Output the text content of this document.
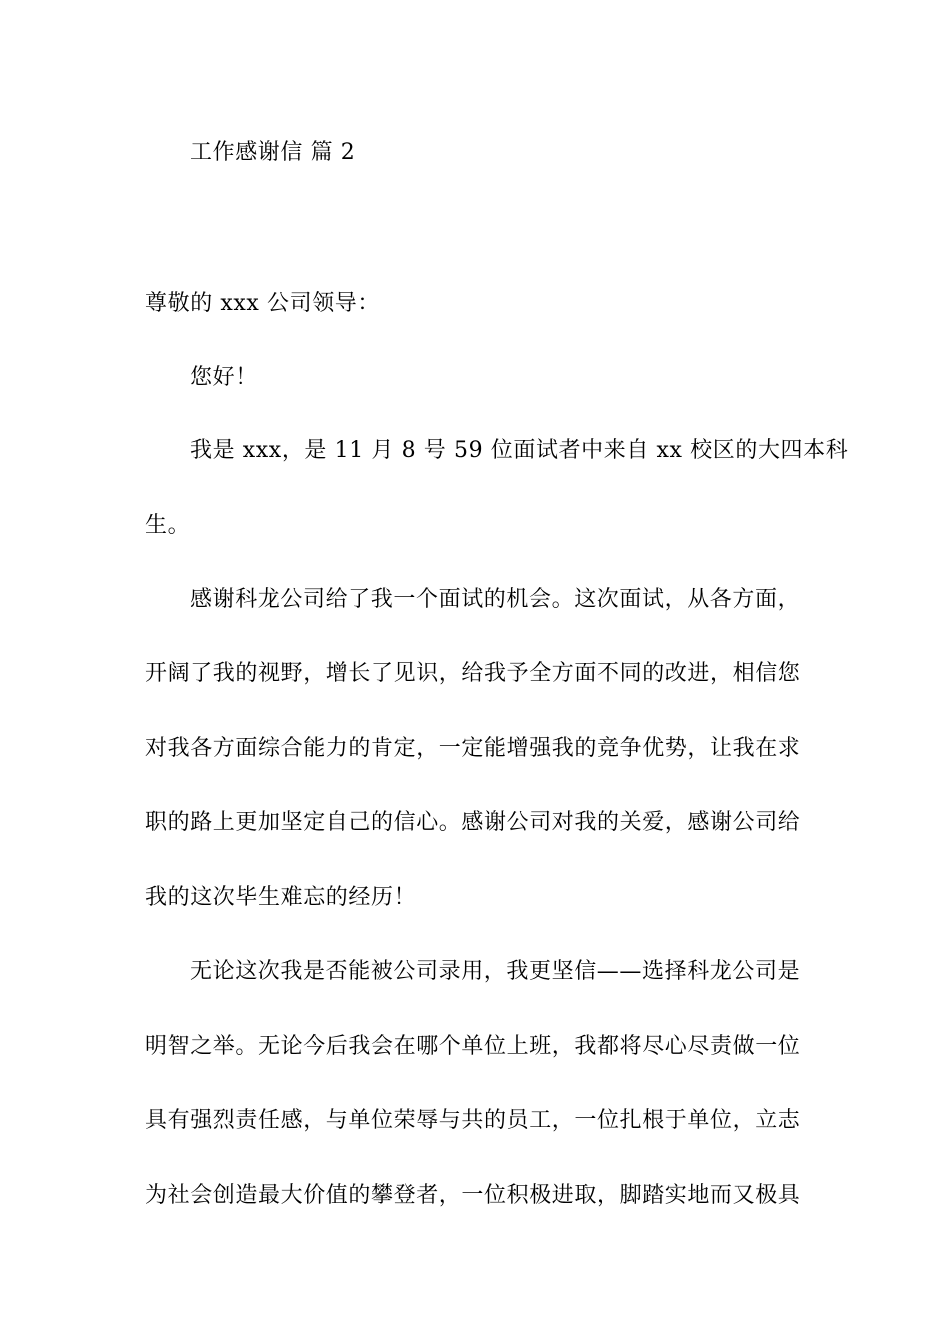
工作感谢信 篇 2
尊敬的 xxx 公司领导：
您好！
我是 xxx，是 11 月 8 号 59 位面试者中来自 xx 校区的大四本科
生。
感谢科龙公司给了我一个面试的机会。这次面试，从各方面，
开阔了我的视野，增长了见识，给我予全方面不同的改进，相信您
对我各方面综合能力的肯定，一定能增强我的竞争优势，让我在求
职的路上更加坚定自己的信心。感谢公司对我的关爱，感谢公司给
我的这次毕生难忘的经历！
无论这次我是否能被公司录用，我更坚信——选择科龙公司是
明智之举。无论今后我会在哪个单位上班，我都将尽心尽责做一位
具有强烈责任感，与单位荣辱与共的员工，一位扎根于单位，立志
为社会创造最大价值的攀登者，一位积极进取，脚踏实地而又极具
